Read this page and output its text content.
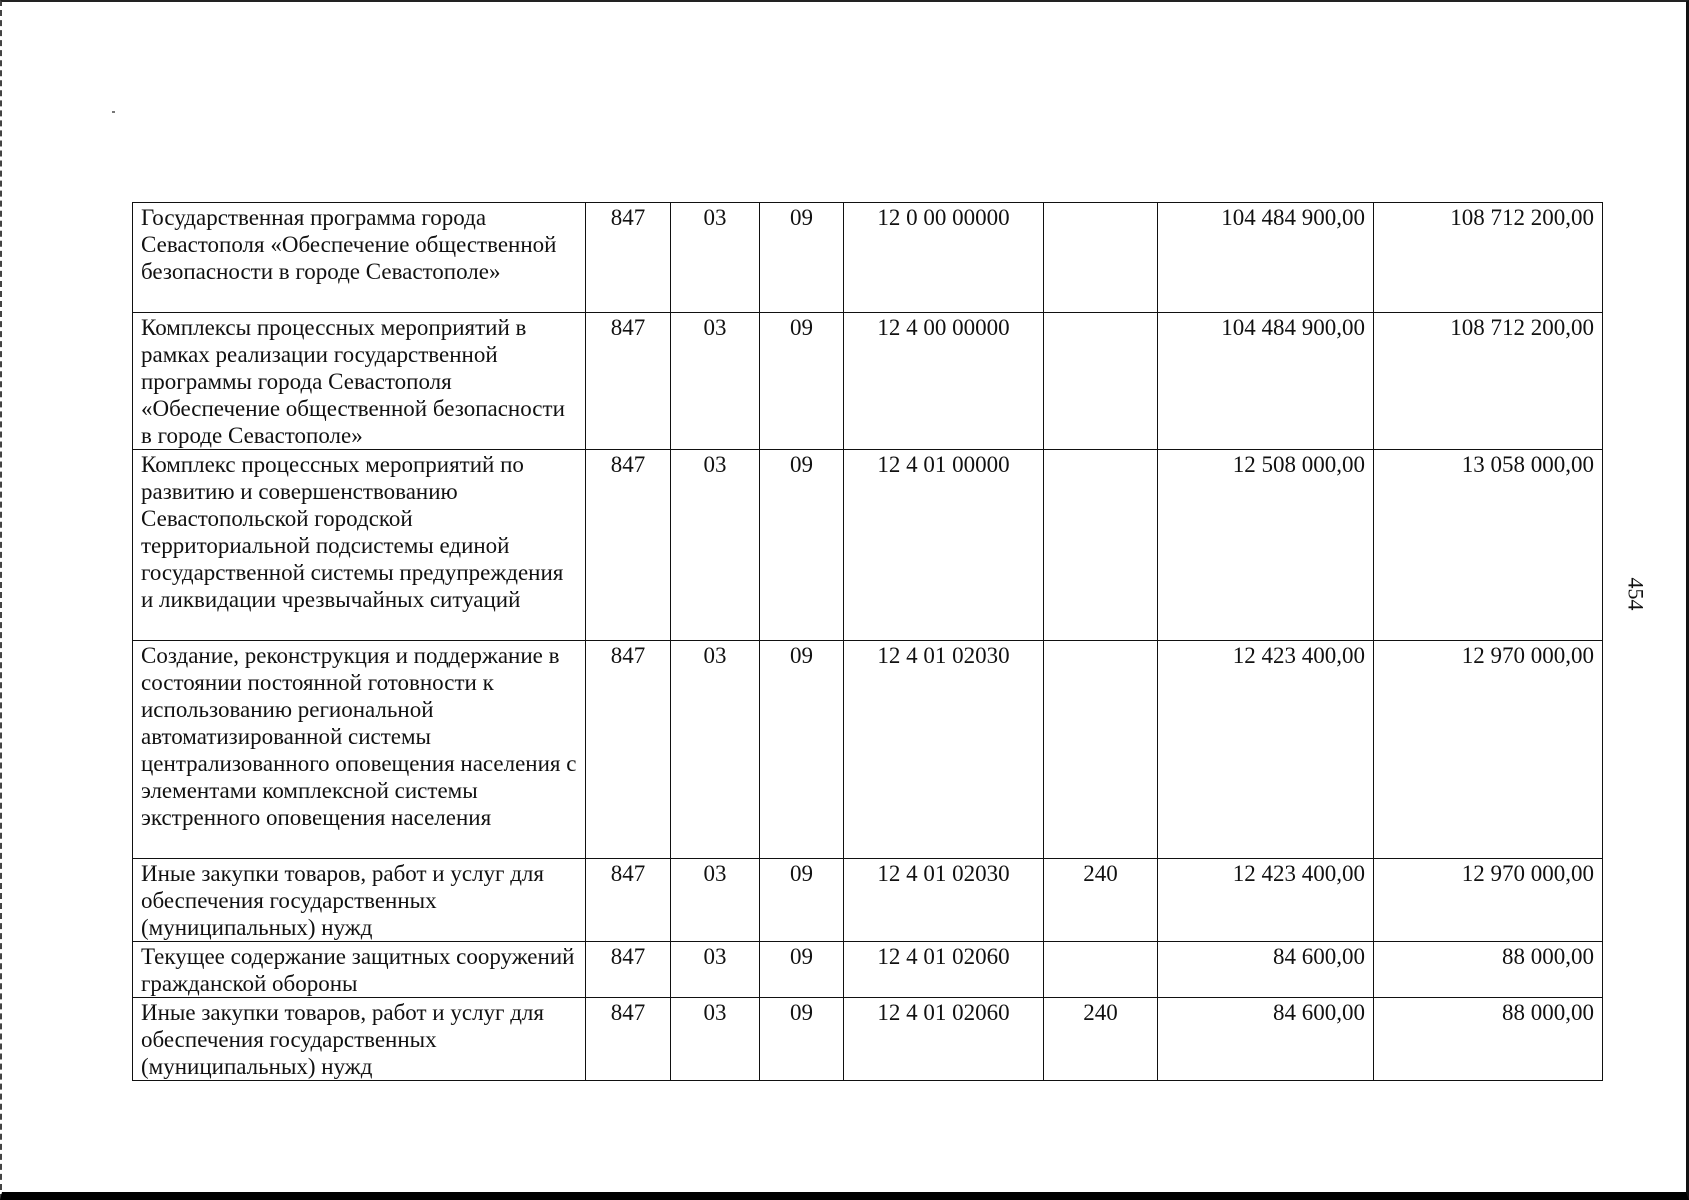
Государственная программа города Севастополя «Обеспечение общественной безопасности в городе Севастополе»	847	03	09	12 0 00 00000		104 484 900,00	108 712 200,00
Комплексы процессных мероприятий в рамках реализации государственной программы города Севастополя «Обеспечение общественной безопасности в городе Севастополе»	847	03	09	12 4 00 00000		104 484 900,00	108 712 200,00
Комплекс процессных мероприятий по развитию и совершенствованию Севастопольской городской территориальной подсистемы единой государственной системы предупреждения и ликвидации чрезвычайных ситуаций	847	03	09	12 4 01 00000		12 508 000,00	13 058 000,00
Создание, реконструкция и поддержание в состоянии постоянной готовности к использованию региональной автоматизированной системы централизованного оповещения населения с элементами комплексной системы экстренного оповещения населения	847	03	09	12 4 01 02030		12 423 400,00	12 970 000,00
Иные закупки товаров, работ и услуг для обеспечения государственных (муниципальных) нужд	847	03	09	12 4 01 02030	240	12 423 400,00	12 970 000,00
Текущее содержание защитных сооружений гражданской обороны	847	03	09	12 4 01 02060		84 600,00	88 000,00
Иные закупки товаров, работ и услуг для обеспечения государственных (муниципальных) нужд	847	03	09	12 4 01 02060	240	84 600,00	88 000,00
454
